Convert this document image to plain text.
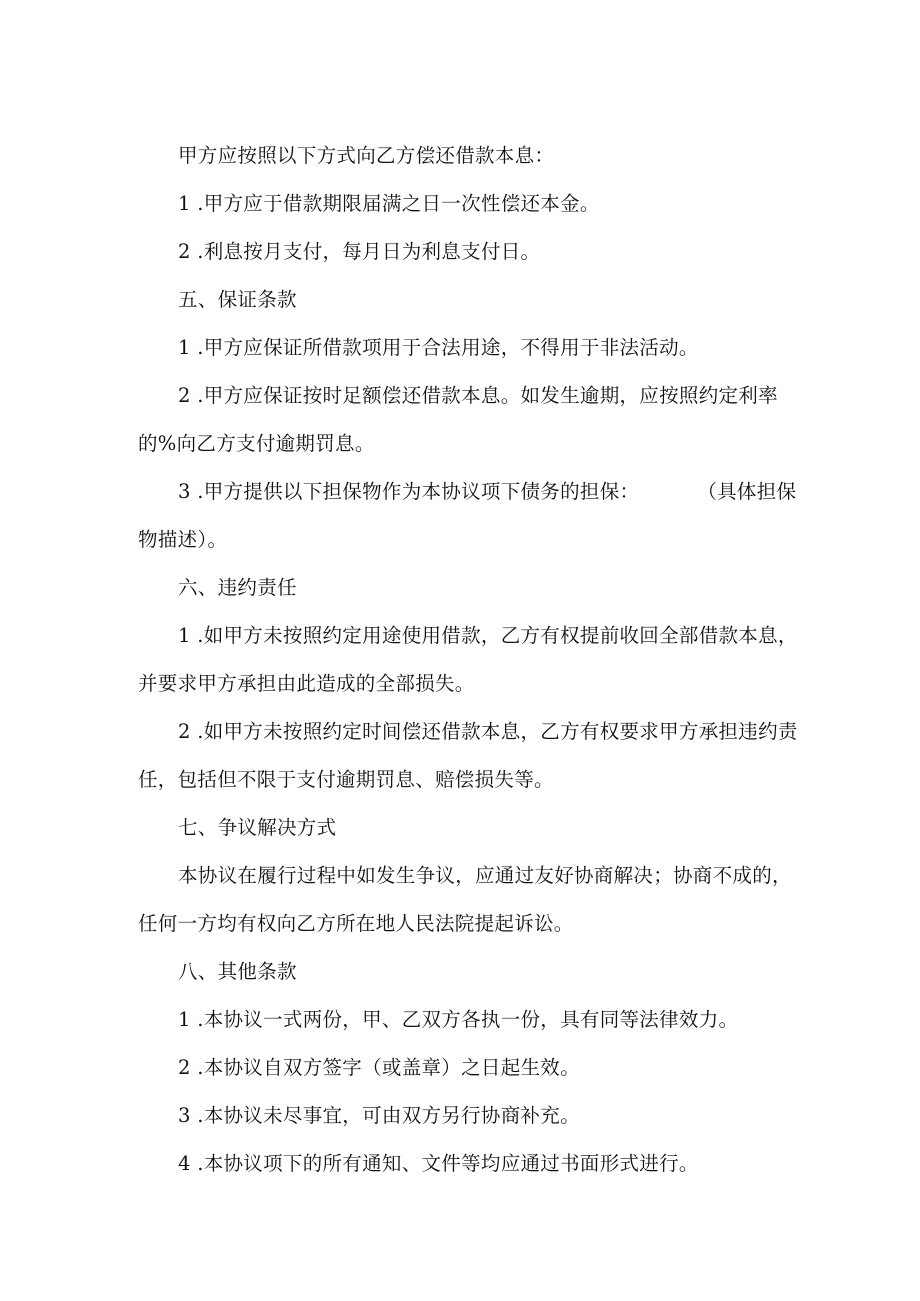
甲方应按照以下方式向乙方偿还借款本息：

1 .甲方应于借款期限届满之日一次性偿还本金。

2 .利息按月支付，每月日为利息支付日。

五、保证条款

1 .甲方应保证所借款项用于合法用途，不得用于非法活动。

2 .甲方应保证按时足额偿还借款本息。如发生逾期，应按照约定利率的%向乙方支付逾期罚息。

3 .甲方提供以下担保物作为本协议项下债务的担保：	（具体担保物描述）。

六、违约责任

1 .如甲方未按照约定用途使用借款，乙方有权提前收回全部借款本息，并要求甲方承担由此造成的全部损失。

2 .如甲方未按照约定时间偿还借款本息，乙方有权要求甲方承担违约责任，包括但不限于支付逾期罚息、赔偿损失等。

七、争议解决方式

本协议在履行过程中如发生争议，应通过友好协商解决；协商不成的，任何一方均有权向乙方所在地人民法院提起诉讼。

八、其他条款

1 .本协议一式两份，甲、乙双方各执一份，具有同等法律效力。

2 .本协议自双方签字（或盖章）之日起生效。

3 .本协议未尽事宜，可由双方另行协商补充。

4 .本协议项下的所有通知、文件等均应通过书面形式进行。
